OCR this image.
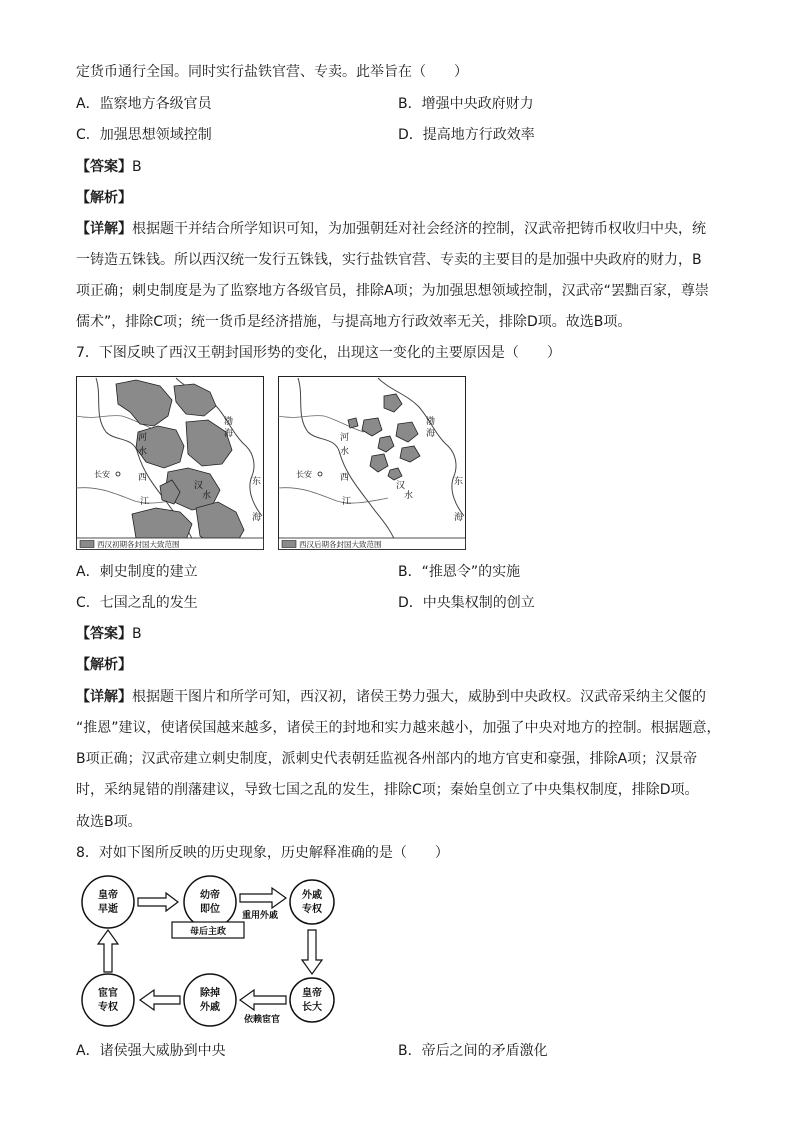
定货币通行全国。同时实行盐铁官营、专卖。此举旨在（　　）
A．监察地方各级官员	B．增强中央政府财力
C．加强思想领域控制	D．提高地方行政效率
【答案】B
【解析】
【详解】根据题干并结合所学知识可知，为加强朝廷对社会经济的控制，汉武帝把铸币权收归中央，统
一铸造五铢钱。所以西汉统一发行五铢钱，实行盐铁官营、专卖的主要目的是加强中央政府的财力，B
项正确；刺史制度是为了监察地方各级官员，排除A项；为加强思想领域控制，汉武帝“罢黜百家，尊崇
儒术”，排除C项；统一货币是经济措施，与提高地方行政效率无关，排除D项。故选B项。
7．下图反映了西汉王朝封国形势的变化，出现这一变化的主要原因是（　　）
河
水
渤
海
长安	西
汉
水
东
江
海
西汉初期各封国大致范围
河
水
渤
海
长安	西
汉
水
东
江
海
西汉后期各封国大致范围
A．刺史制度的建立	B．“推恩令”的实施
C．七国之乱的发生	D．中央集权制的创立
【答案】B
【解析】
【详解】根据题干图片和所学可知，西汉初，诸侯王势力强大，威胁到中央政权。汉武帝采纳主父偃的
“推恩”建议，使诸侯国越来越多，诸侯王的封地和实力越来越小，加强了中央对地方的控制。根据题意，
B项正确；汉武帝建立刺史制度，派刺史代表朝廷监视各州部内的地方官吏和豪强，排除A项；汉景帝
时，采纳晁错的削藩建议，导致七国之乱的发生，排除C项；秦始皇创立了中央集权制度，排除D项。
故选B项。
8．对如下图所反映的历史现象，历史解释准确的是（　　）
皇帝
早逝
幼帝
即位
外戚
专权
皇帝
长大
除掉
外戚
宦官
专权
重用外戚
母后主政
依赖宦官
A．诸侯强大威胁到中央	B．帝后之间的矛盾激化
